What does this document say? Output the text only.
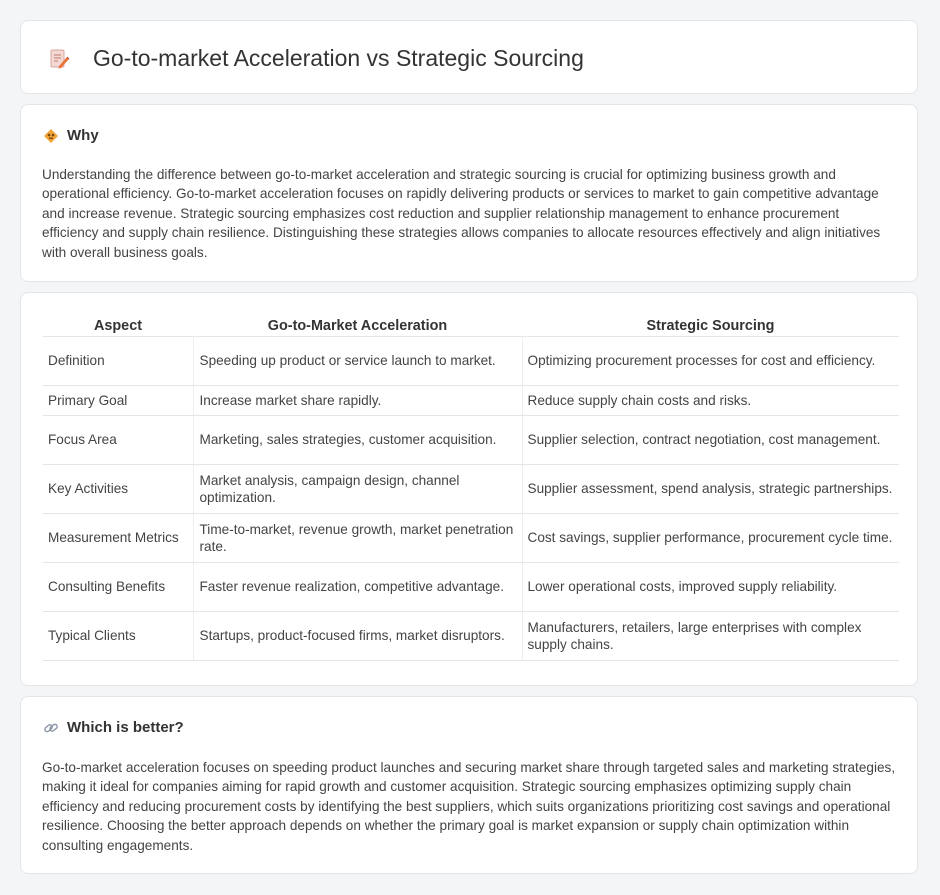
Go-to-market Acceleration vs Strategic Sourcing
Why

Understanding the difference between go-to-market acceleration and strategic sourcing is crucial for optimizing business growth and operational efficiency. Go-to-market acceleration focuses on rapidly delivering products or services to market to gain competitive advantage and increase revenue. Strategic sourcing emphasizes cost reduction and supplier relationship management to enhance procurement efficiency and supply chain resilience. Distinguishing these strategies allows companies to allocate resources effectively and align initiatives with overall business goals.

Aspect	Go-to-Market Acceleration	Strategic Sourcing
Definition	Speeding up product or service launch to market.	Optimizing procurement processes for cost and efficiency.
Primary Goal	Increase market share rapidly.	Reduce supply chain costs and risks.
Focus Area	Marketing, sales strategies, customer acquisition.	Supplier selection, contract negotiation, cost management.
Key Activities	Market analysis, campaign design, channel optimization.	Supplier assessment, spend analysis, strategic partnerships.
Measurement Metrics	Time-to-market, revenue growth, market penetration rate.	Cost savings, supplier performance, procurement cycle time.
Consulting Benefits	Faster revenue realization, competitive advantage.	Lower operational costs, improved supply reliability.
Typical Clients	Startups, product-focused firms, market disruptors.	Manufacturers, retailers, large enterprises with complex supply chains.
Which is better?

Go-to-market acceleration focuses on speeding product launches and securing market share through targeted sales and marketing strategies, making it ideal for companies aiming for rapid growth and customer acquisition. Strategic sourcing emphasizes optimizing supply chain efficiency and reducing procurement costs by identifying the best suppliers, which suits organizations prioritizing cost savings and operational resilience. Choosing the better approach depends on whether the primary goal is market expansion or supply chain optimization within consulting engagements.
